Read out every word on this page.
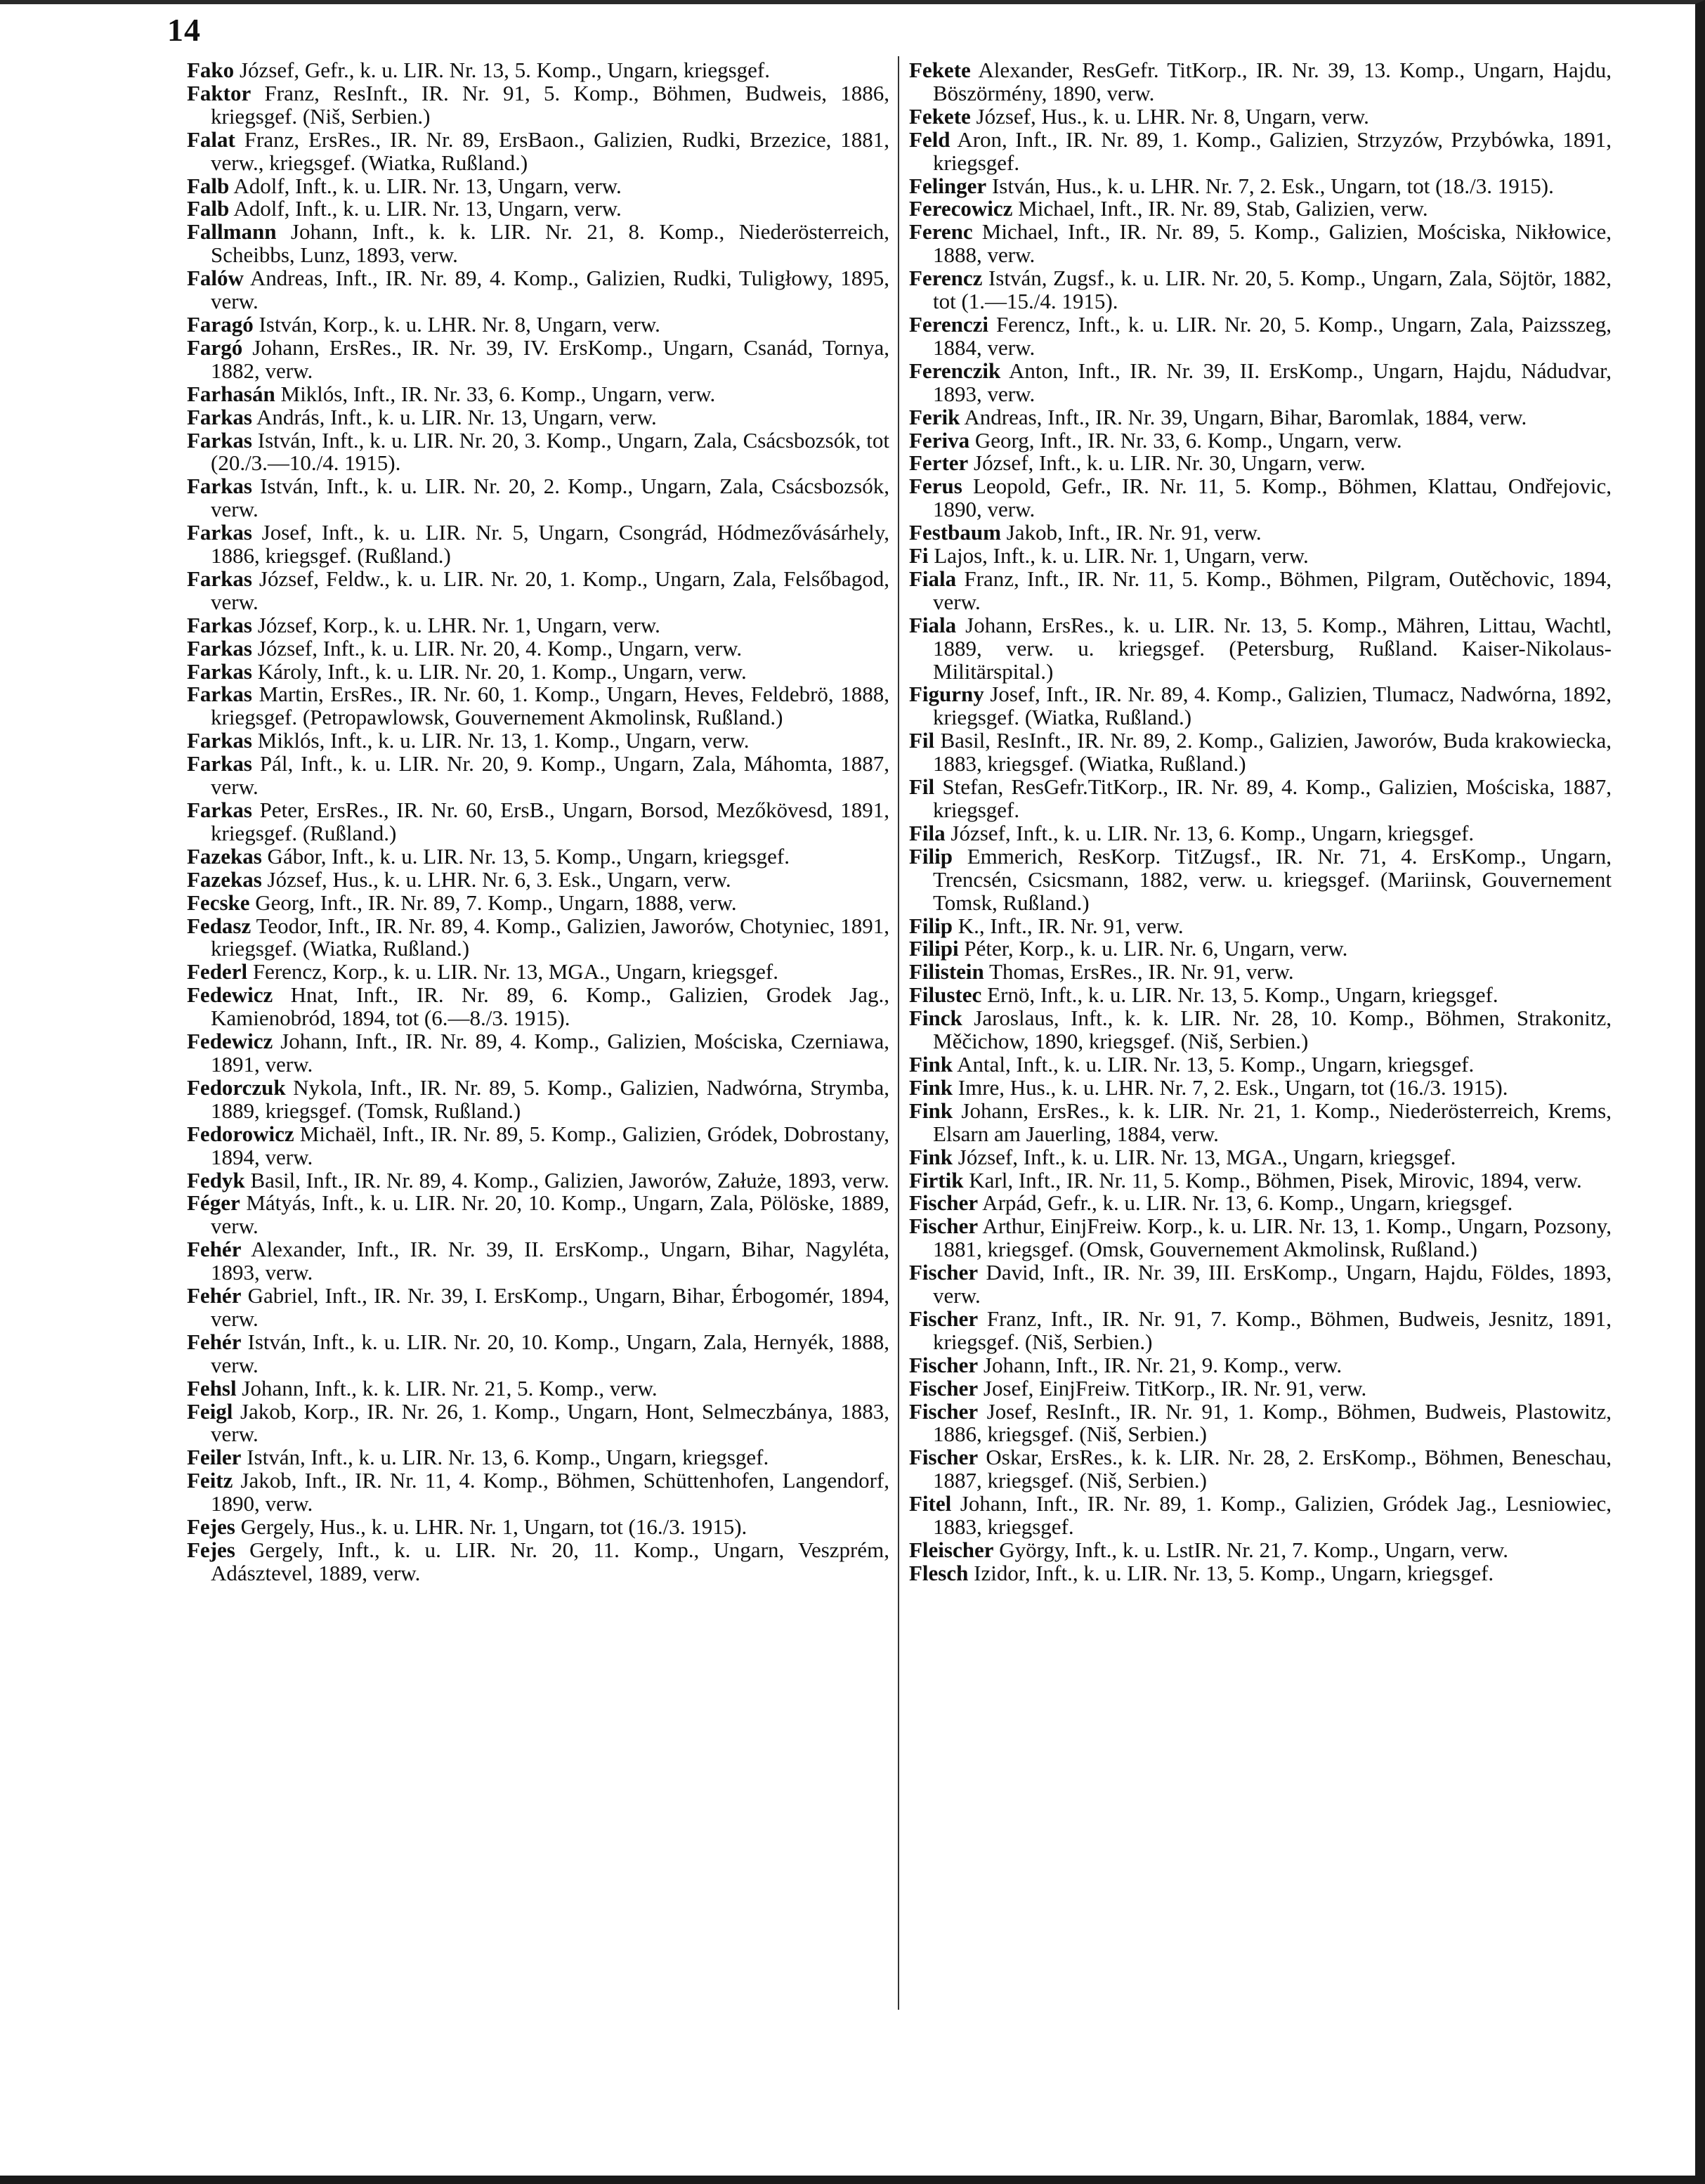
14

Fako József, Gefr., k. u. LIR. Nr. 13, 5. Komp., Ungarn, kriegsgef.

Faktor Franz, ResInft., IR. Nr. 91, 5. Komp., Böhmen, Budweis, 1886, kriegsgef. (Niš, Serbien.)

Falat Franz, ErsRes., IR. Nr. 89, ErsBaon., Galizien, Rudki, Brzezice, 1881, verw., kriegsgef. (Wiatka, Rußland.)

Falb Adolf, Inft., k. u. LIR. Nr. 13, Ungarn, verw.

Falb Adolf, Inft., k. u. LIR. Nr. 13, Ungarn, verw.

Fallmann Johann, Inft., k. k. LIR. Nr. 21, 8. Komp., Niederösterreich, Scheibbs, Lunz, 1893, verw.

Falów Andreas, Inft., IR. Nr. 89, 4. Komp., Galizien, Rudki, Tuligłowy, 1895, verw.

Faragó István, Korp., k. u. LHR. Nr. 8, Ungarn, verw.

Fargó Johann, ErsRes., IR. Nr. 39, IV. ErsKomp., Ungarn, Csanád, Tornya, 1882, verw.

Farhasán Miklós, Inft., IR. Nr. 33, 6. Komp., Ungarn, verw.

Farkas András, Inft., k. u. LIR. Nr. 13, Ungarn, verw.

Farkas István, Inft., k. u. LIR. Nr. 20, 3. Komp., Ungarn, Zala, Csácsbozsók, tot (20./3.—10./4. 1915).

Farkas István, Inft., k. u. LIR. Nr. 20, 2. Komp., Ungarn, Zala, Csácsbozsók, verw.

Farkas Josef, Inft., k. u. LIR. Nr. 5, Ungarn, Csongrád, Hódmezővásárhely, 1886, kriegsgef. (Rußland.)

Farkas József, Feldw., k. u. LIR. Nr. 20, 1. Komp., Ungarn, Zala, Felsőbagod, verw.

Farkas József, Korp., k. u. LHR. Nr. 1, Ungarn, verw.

Farkas József, Inft., k. u. LIR. Nr. 20, 4. Komp., Ungarn, verw.

Farkas Károly, Inft., k. u. LIR. Nr. 20, 1. Komp., Ungarn, verw.

Farkas Martin, ErsRes., IR. Nr. 60, 1. Komp., Ungarn, Heves, Feldebrö, 1888, kriegsgef. (Petropawlowsk, Gouvernement Akmolinsk, Rußland.)

Farkas Miklós, Inft., k. u. LIR. Nr. 13, 1. Komp., Ungarn, verw.

Farkas Pál, Inft., k. u. LIR. Nr. 20, 9. Komp., Ungarn, Zala, Máhomta, 1887, verw.

Farkas Peter, ErsRes., IR. Nr. 60, ErsB., Ungarn, Borsod, Mezőkövesd, 1891, kriegsgef. (Rußland.)

Fazekas Gábor, Inft., k. u. LIR. Nr. 13, 5. Komp., Ungarn, kriegsgef.

Fazekas József, Hus., k. u. LHR. Nr. 6, 3. Esk., Ungarn, verw.

Fecske Georg, Inft., IR. Nr. 89, 7. Komp., Ungarn, 1888, verw.

Fedasz Teodor, Inft., IR. Nr. 89, 4. Komp., Galizien, Jaworów, Chotyniec, 1891, kriegsgef. (Wiatka, Rußland.)

Federl Ferencz, Korp., k. u. LIR. Nr. 13, MGA., Ungarn, kriegsgef.

Fedewicz Hnat, Inft., IR. Nr. 89, 6. Komp., Galizien, Grodek Jag., Kamienobród, 1894, tot (6.—8./3. 1915).

Fedewicz Johann, Inft., IR. Nr. 89, 4. Komp., Galizien, Mościska, Czerniawa, 1891, verw.

Fedorczuk Nykola, Inft., IR. Nr. 89, 5. Komp., Galizien, Nadwórna, Strymba, 1889, kriegsgef. (Tomsk, Rußland.)

Fedorowicz Michaël, Inft., IR. Nr. 89, 5. Komp., Galizien, Gródek, Dobrostany, 1894, verw.

Fedyk Basil, Inft., IR. Nr. 89, 4. Komp., Galizien, Jaworów, Załuże, 1893, verw.

Féger Mátyás, Inft., k. u. LIR. Nr. 20, 10. Komp., Ungarn, Zala, Pölöske, 1889, verw.

Fehér Alexander, Inft., IR. Nr. 39, II. ErsKomp., Ungarn, Bihar, Nagyléta, 1893, verw.

Fehér Gabriel, Inft., IR. Nr. 39, I. ErsKomp., Ungarn, Bihar, Érbogomér, 1894, verw.

Fehér István, Inft., k. u. LIR. Nr. 20, 10. Komp., Ungarn, Zala, Hernyék, 1888, verw.

Fehsl Johann, Inft., k. k. LIR. Nr. 21, 5. Komp., verw.

Feigl Jakob, Korp., IR. Nr. 26, 1. Komp., Ungarn, Hont, Selmeczbánya, 1883, verw.

Feiler István, Inft., k. u. LIR. Nr. 13, 6. Komp., Ungarn, kriegsgef.

Feitz Jakob, Inft., IR. Nr. 11, 4. Komp., Böhmen, Schüttenhofen, Langendorf, 1890, verw.

Fejes Gergely, Hus., k. u. LHR. Nr. 1, Ungarn, tot (16./3. 1915).

Fejes Gergely, Inft., k. u. LIR. Nr. 20, 11. Komp., Ungarn, Veszprém, Adásztevel, 1889, verw.

Fekete Alexander, ResGefr. TitKorp., IR. Nr. 39, 13. Komp., Ungarn, Hajdu, Böszörmény, 1890, verw.

Fekete József, Hus., k. u. LHR. Nr. 8, Ungarn, verw.

Feld Aron, Inft., IR. Nr. 89, 1. Komp., Galizien, Strzyzów, Przybówka, 1891, kriegsgef.

Felinger István, Hus., k. u. LHR. Nr. 7, 2. Esk., Ungarn, tot (18./3. 1915).

Ferecowicz Michael, Inft., IR. Nr. 89, Stab, Galizien, verw.

Ferenc Michael, Inft., IR. Nr. 89, 5. Komp., Galizien, Mościska, Nikłowice, 1888, verw.

Ferencz István, Zugsf., k. u. LIR. Nr. 20, 5. Komp., Ungarn, Zala, Söjtör, 1882, tot (1.—15./4. 1915).

Ferenczi Ferencz, Inft., k. u. LIR. Nr. 20, 5. Komp., Ungarn, Zala, Paizsszeg, 1884, verw.

Ferenczik Anton, Inft., IR. Nr. 39, II. ErsKomp., Ungarn, Hajdu, Nádudvar, 1893, verw.

Ferik Andreas, Inft., IR. Nr. 39, Ungarn, Bihar, Baromlak, 1884, verw.

Feriva Georg, Inft., IR. Nr. 33, 6. Komp., Ungarn, verw.

Ferter József, Inft., k. u. LIR. Nr. 30, Ungarn, verw.

Ferus Leopold, Gefr., IR. Nr. 11, 5. Komp., Böhmen, Klattau, Ondřejovic, 1890, verw.

Festbaum Jakob, Inft., IR. Nr. 91, verw.

Fi Lajos, Inft., k. u. LIR. Nr. 1, Ungarn, verw.

Fiala Franz, Inft., IR. Nr. 11, 5. Komp., Böhmen, Pilgram, Outěchovic, 1894, verw.

Fiala Johann, ErsRes., k. u. LIR. Nr. 13, 5. Komp., Mähren, Littau, Wachtl, 1889, verw. u. kriegsgef. (Petersburg, Rußland. Kaiser-Nikolaus-Militärspital.)

Figurny Josef, Inft., IR. Nr. 89, 4. Komp., Galizien, Tlumacz, Nadwórna, 1892, kriegsgef. (Wiatka, Rußland.)

Fil Basil, ResInft., IR. Nr. 89, 2. Komp., Galizien, Jaworów, Buda krakowiecka, 1883, kriegsgef. (Wiatka, Rußland.)

Fil Stefan, ResGefr.TitKorp., IR. Nr. 89, 4. Komp., Galizien, Mościska, 1887, kriegsgef.

Fila József, Inft., k. u. LIR. Nr. 13, 6. Komp., Ungarn, kriegsgef.

Filip Emmerich, ResKorp. TitZugsf., IR. Nr. 71, 4. ErsKomp., Ungarn, Trencsén, Csicsmann, 1882, verw. u. kriegsgef. (Mariinsk, Gouvernement Tomsk, Rußland.)

Filip K., Inft., IR. Nr. 91, verw.

Filipi Péter, Korp., k. u. LIR. Nr. 6, Ungarn, verw.

Filistein Thomas, ErsRes., IR. Nr. 91, verw.

Filustec Ernö, Inft., k. u. LIR. Nr. 13, 5. Komp., Ungarn, kriegsgef.

Finck Jaroslaus, Inft., k. k. LIR. Nr. 28, 10. Komp., Böhmen, Strakonitz, Měčichow, 1890, kriegsgef. (Niš, Serbien.)

Fink Antal, Inft., k. u. LIR. Nr. 13, 5. Komp., Ungarn, kriegsgef.

Fink Imre, Hus., k. u. LHR. Nr. 7, 2. Esk., Ungarn, tot (16./3. 1915).

Fink Johann, ErsRes., k. k. LIR. Nr. 21, 1. Komp., Niederösterreich, Krems, Elsarn am Jauerling, 1884, verw.

Fink József, Inft., k. u. LIR. Nr. 13, MGA., Ungarn, kriegsgef.

Firtik Karl, Inft., IR. Nr. 11, 5. Komp., Böhmen, Pisek, Mirovic, 1894, verw.

Fischer Arpád, Gefr., k. u. LIR. Nr. 13, 6. Komp., Ungarn, kriegsgef.

Fischer Arthur, EinjFreiw. Korp., k. u. LIR. Nr. 13, 1. Komp., Ungarn, Pozsony, 1881, kriegsgef. (Omsk, Gouvernement Akmolinsk, Rußland.)

Fischer David, Inft., IR. Nr. 39, III. ErsKomp., Ungarn, Hajdu, Földes, 1893, verw.

Fischer Franz, Inft., IR. Nr. 91, 7. Komp., Böhmen, Budweis, Jesnitz, 1891, kriegsgef. (Niš, Serbien.)

Fischer Johann, Inft., IR. Nr. 21, 9. Komp., verw.

Fischer Josef, EinjFreiw. TitKorp., IR. Nr. 91, verw.

Fischer Josef, ResInft., IR. Nr. 91, 1. Komp., Böhmen, Budweis, Plastowitz, 1886, kriegsgef. (Niš, Serbien.)

Fischer Oskar, ErsRes., k. k. LIR. Nr. 28, 2. ErsKomp., Böhmen, Beneschau, 1887, kriegsgef. (Niš, Serbien.)

Fitel Johann, Inft., IR. Nr. 89, 1. Komp., Galizien, Gródek Jag., Lesniowiec, 1883, kriegsgef.

Fleischer György, Inft., k. u. LstIR. Nr. 21, 7. Komp., Ungarn, verw.

Flesch Izidor, Inft., k. u. LIR. Nr. 13, 5. Komp., Ungarn, kriegsgef.
